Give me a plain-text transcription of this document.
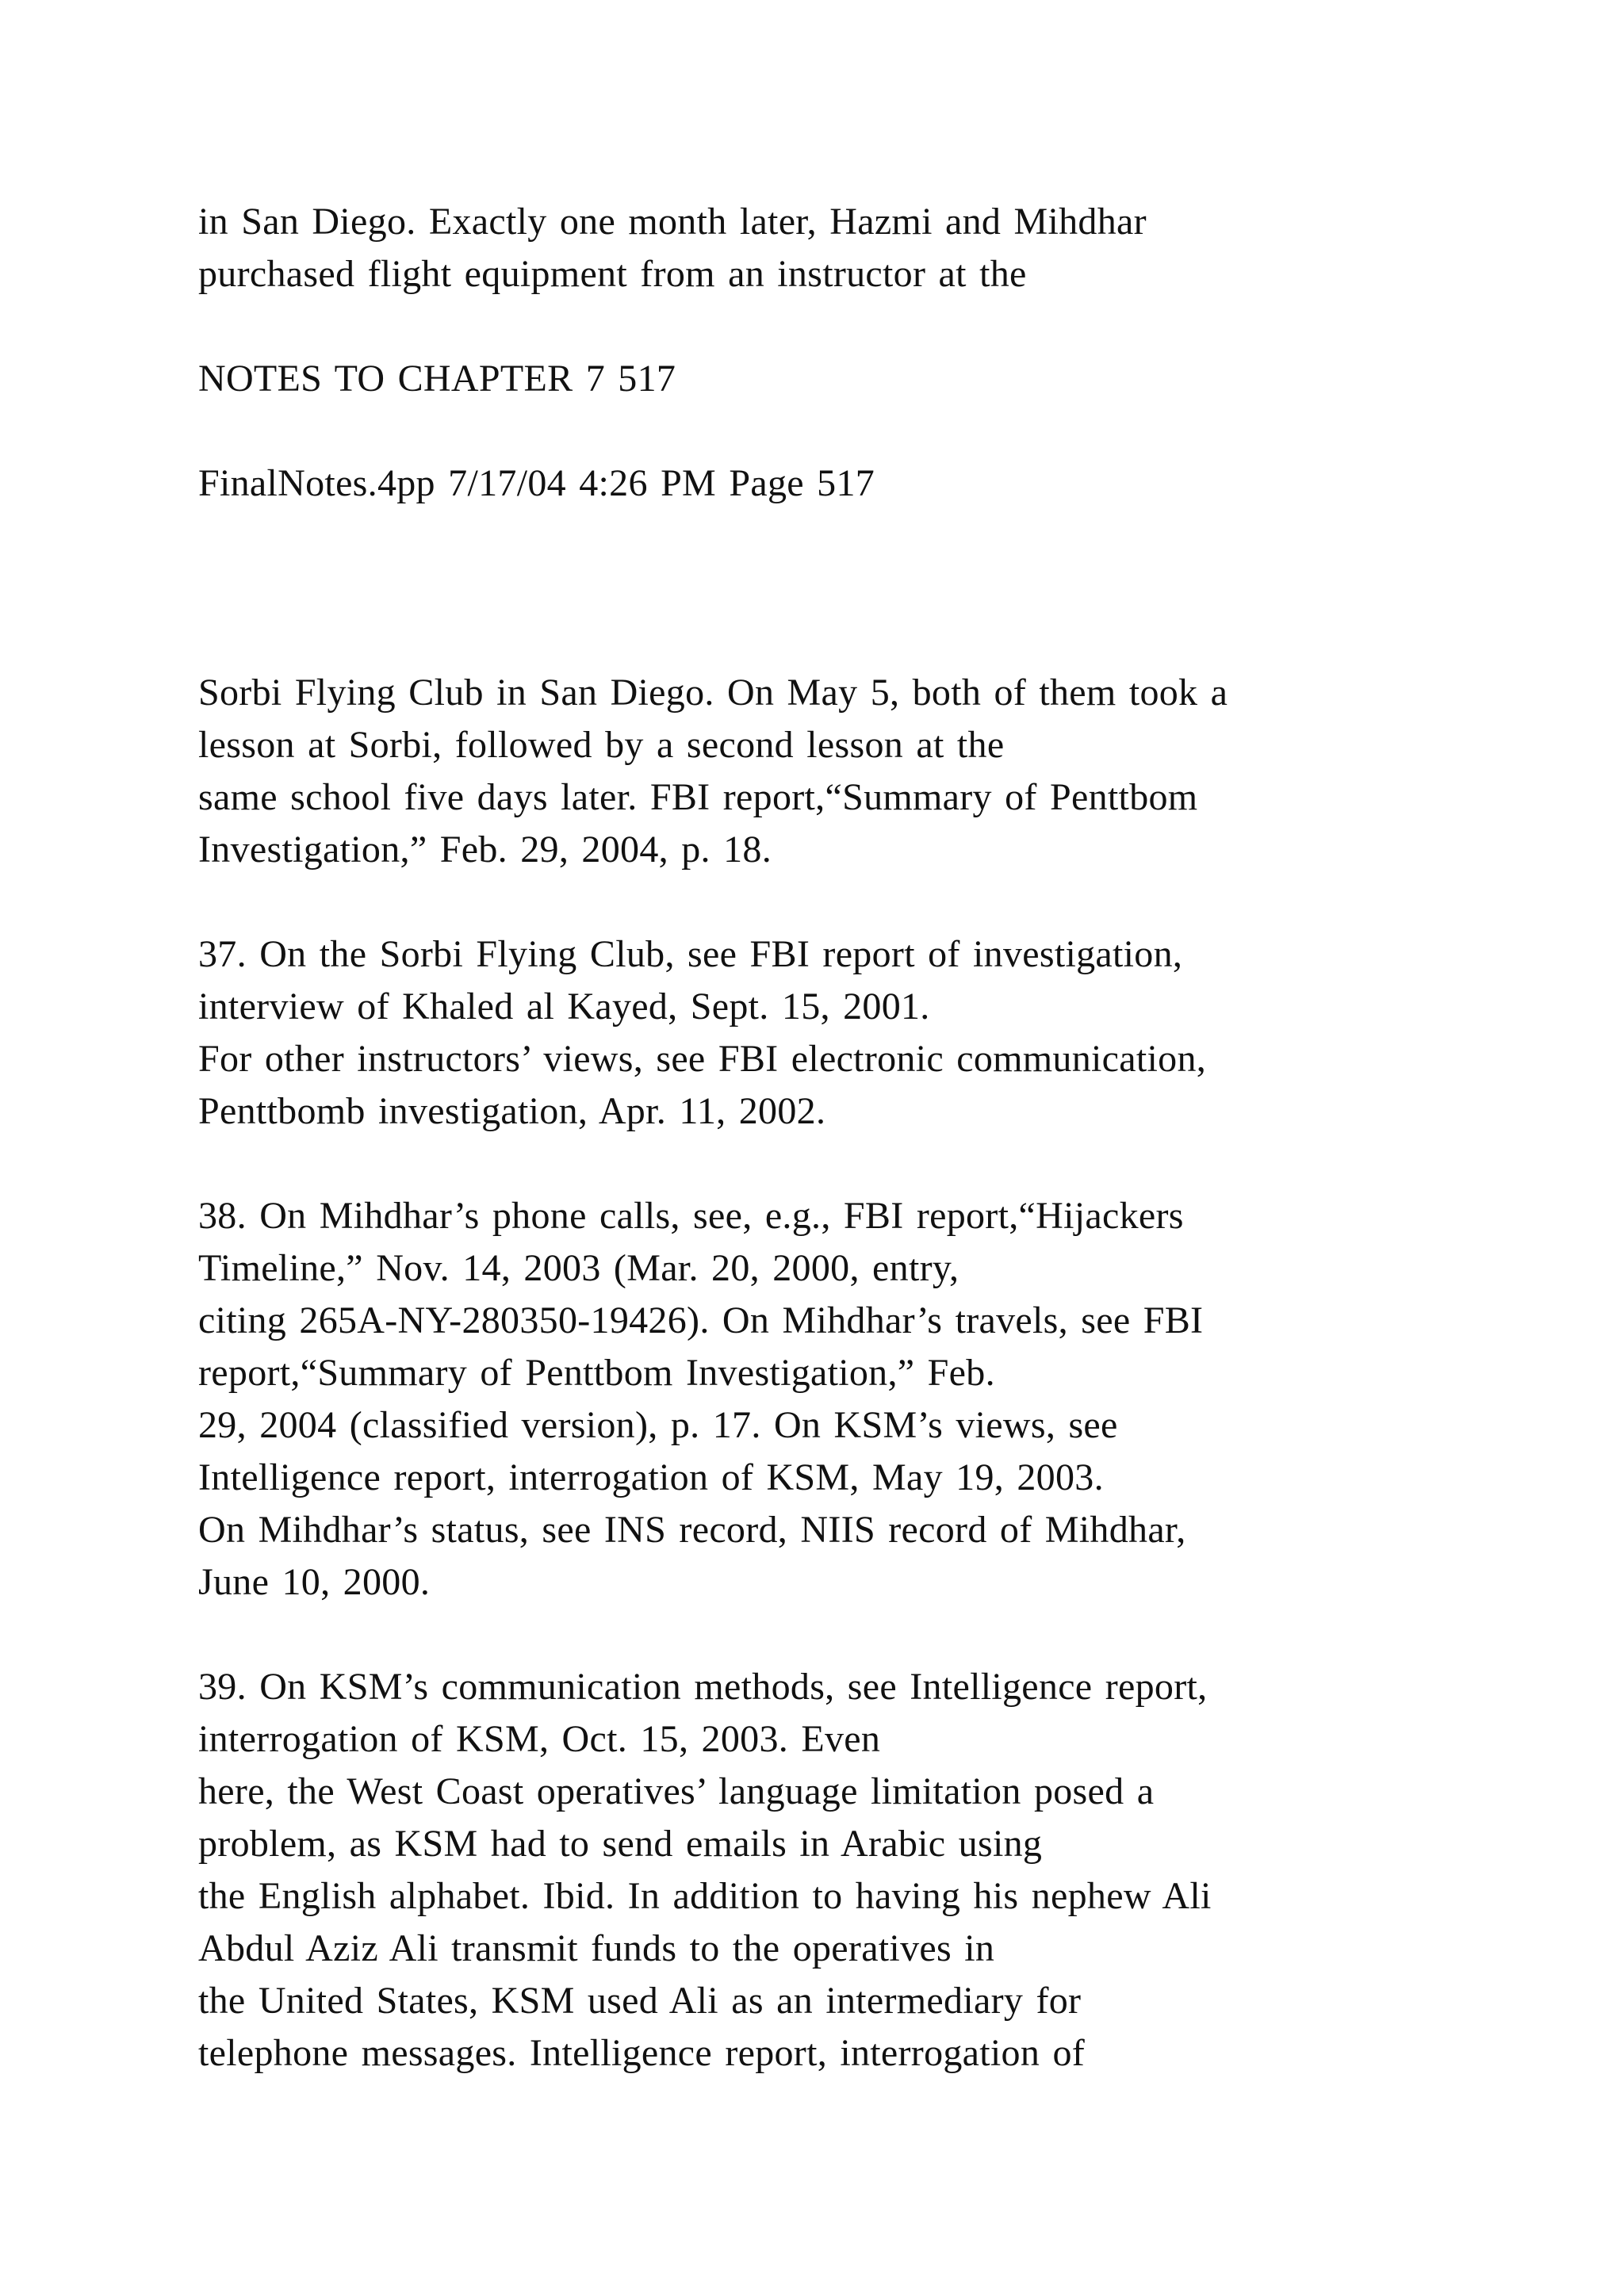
in San Diego. Exactly one month later, Hazmi and Mihdhar
purchased flight equipment from an instructor at the
NOTES TO CHAPTER 7 517
FinalNotes.4pp 7/17/04 4:26 PM Page 517
Sorbi Flying Club in San Diego. On May 5, both of them took a
lesson at Sorbi, followed by a second lesson at the
same school five days later. FBI report,“Summary of Penttbom
Investigation,” Feb. 29, 2004, p. 18.
37. On the Sorbi Flying Club, see FBI report of investigation,
interview of Khaled al Kayed, Sept. 15, 2001.
For other instructors’ views, see FBI electronic communication,
Penttbomb investigation, Apr. 11, 2002.
38. On Mihdhar’s phone calls, see, e.g., FBI report,“Hijackers
Timeline,” Nov. 14, 2003 (Mar. 20, 2000, entry,
citing 265A-NY-280350-19426). On Mihdhar’s travels, see FBI
report,“Summary of Penttbom Investigation,” Feb.
29, 2004 (classified version), p. 17. On KSM’s views, see
Intelligence report, interrogation of KSM, May 19, 2003.
On Mihdhar’s status, see INS record, NIIS record of Mihdhar,
June 10, 2000.
39. On KSM’s communication methods, see Intelligence report,
interrogation of KSM, Oct. 15, 2003. Even
here, the West Coast operatives’ language limitation posed a
problem, as KSM had to send emails in Arabic using
the English alphabet. Ibid. In addition to having his nephew Ali
Abdul Aziz Ali transmit funds to the operatives in
the United States, KSM used Ali as an intermediary for
telephone messages. Intelligence report, interrogation of
